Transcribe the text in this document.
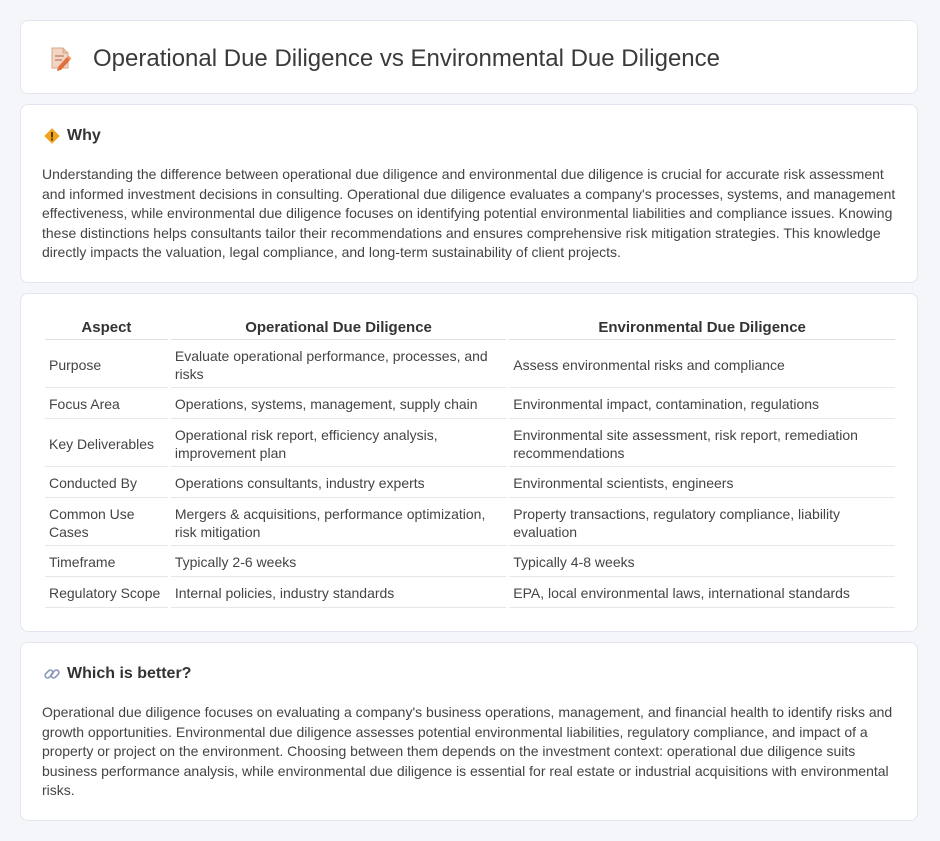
Operational Due Diligence vs Environmental Due Diligence
Why

Understanding the difference between operational due diligence and environmental due diligence is crucial for accurate risk assessment and informed investment decisions in consulting. Operational due diligence evaluates a company's processes, systems, and management effectiveness, while environmental due diligence focuses on identifying potential environmental liabilities and compliance issues. Knowing these distinctions helps consultants tailor their recommendations and ensures comprehensive risk mitigation strategies. This knowledge directly impacts the valuation, legal compliance, and long-term sustainability of client projects.

Aspect	Operational Due Diligence	Environmental Due Diligence
Purpose	Evaluate operational performance, processes, and risks	Assess environmental risks and compliance
Focus Area	Operations, systems, management, supply chain	Environmental impact, contamination, regulations
Key Deliverables	Operational risk report, efficiency analysis, improvement plan	Environmental site assessment, risk report, remediation recommendations
Conducted By	Operations consultants, industry experts	Environmental scientists, engineers
Common Use Cases	Mergers & acquisitions, performance optimization, risk mitigation	Property transactions, regulatory compliance, liability evaluation
Timeframe	Typically 2-6 weeks	Typically 4-8 weeks
Regulatory Scope	Internal policies, industry standards	EPA, local environmental laws, international standards
Which is better?

Operational due diligence focuses on evaluating a company's business operations, management, and financial health to identify risks and growth opportunities. Environmental due diligence assesses potential environmental liabilities, regulatory compliance, and impact of a property or project on the environment. Choosing between them depends on the investment context: operational due diligence suits business performance analysis, while environmental due diligence is essential for real estate or industrial acquisitions with environmental risks.
